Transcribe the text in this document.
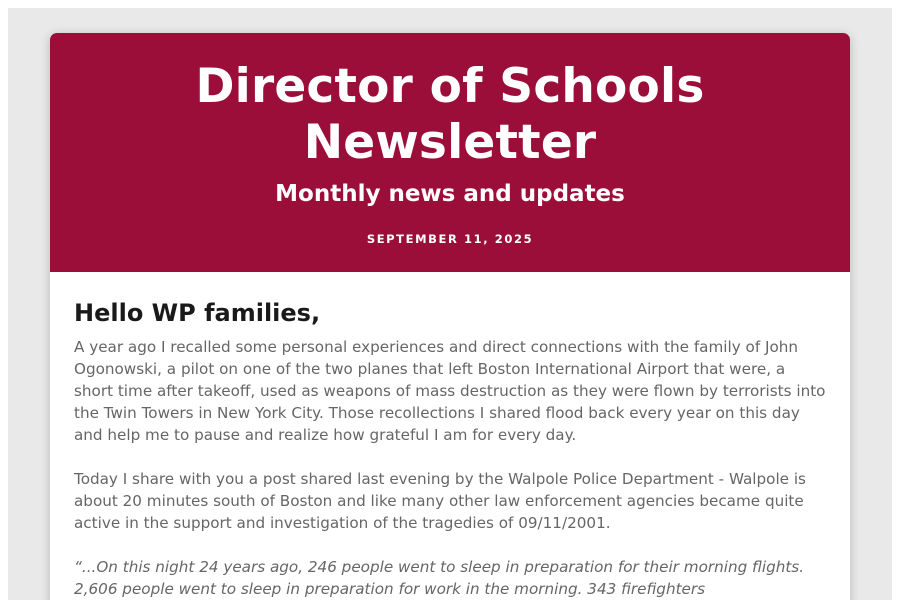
Director of Schools Newsletter
Monthly news and updates
SEPTEMBER 11, 2025
Hello WP families,

A year ago I recalled some personal experiences and direct connections with the family of John Ogonowski, a pilot on one of the two planes that left Boston International Airport that were, a short time after takeoff, used as weapons of mass destruction as they were flown by terrorists into the Twin Towers in New York City. Those recollections I shared flood back every year on this day and help me to pause and realize how grateful I am for every day.

Today I share with you a post shared last evening by the Walpole Police Department - Walpole is about 20 minutes south of Boston and like many other law enforcement agencies became quite active in the support and investigation of the tragedies of 09/11/2001.

“...On this night 24 years ago, 246 people went to sleep in preparation for their morning flights. 2,606 people went to sleep in preparation for work in the morning. 343 firefighters
